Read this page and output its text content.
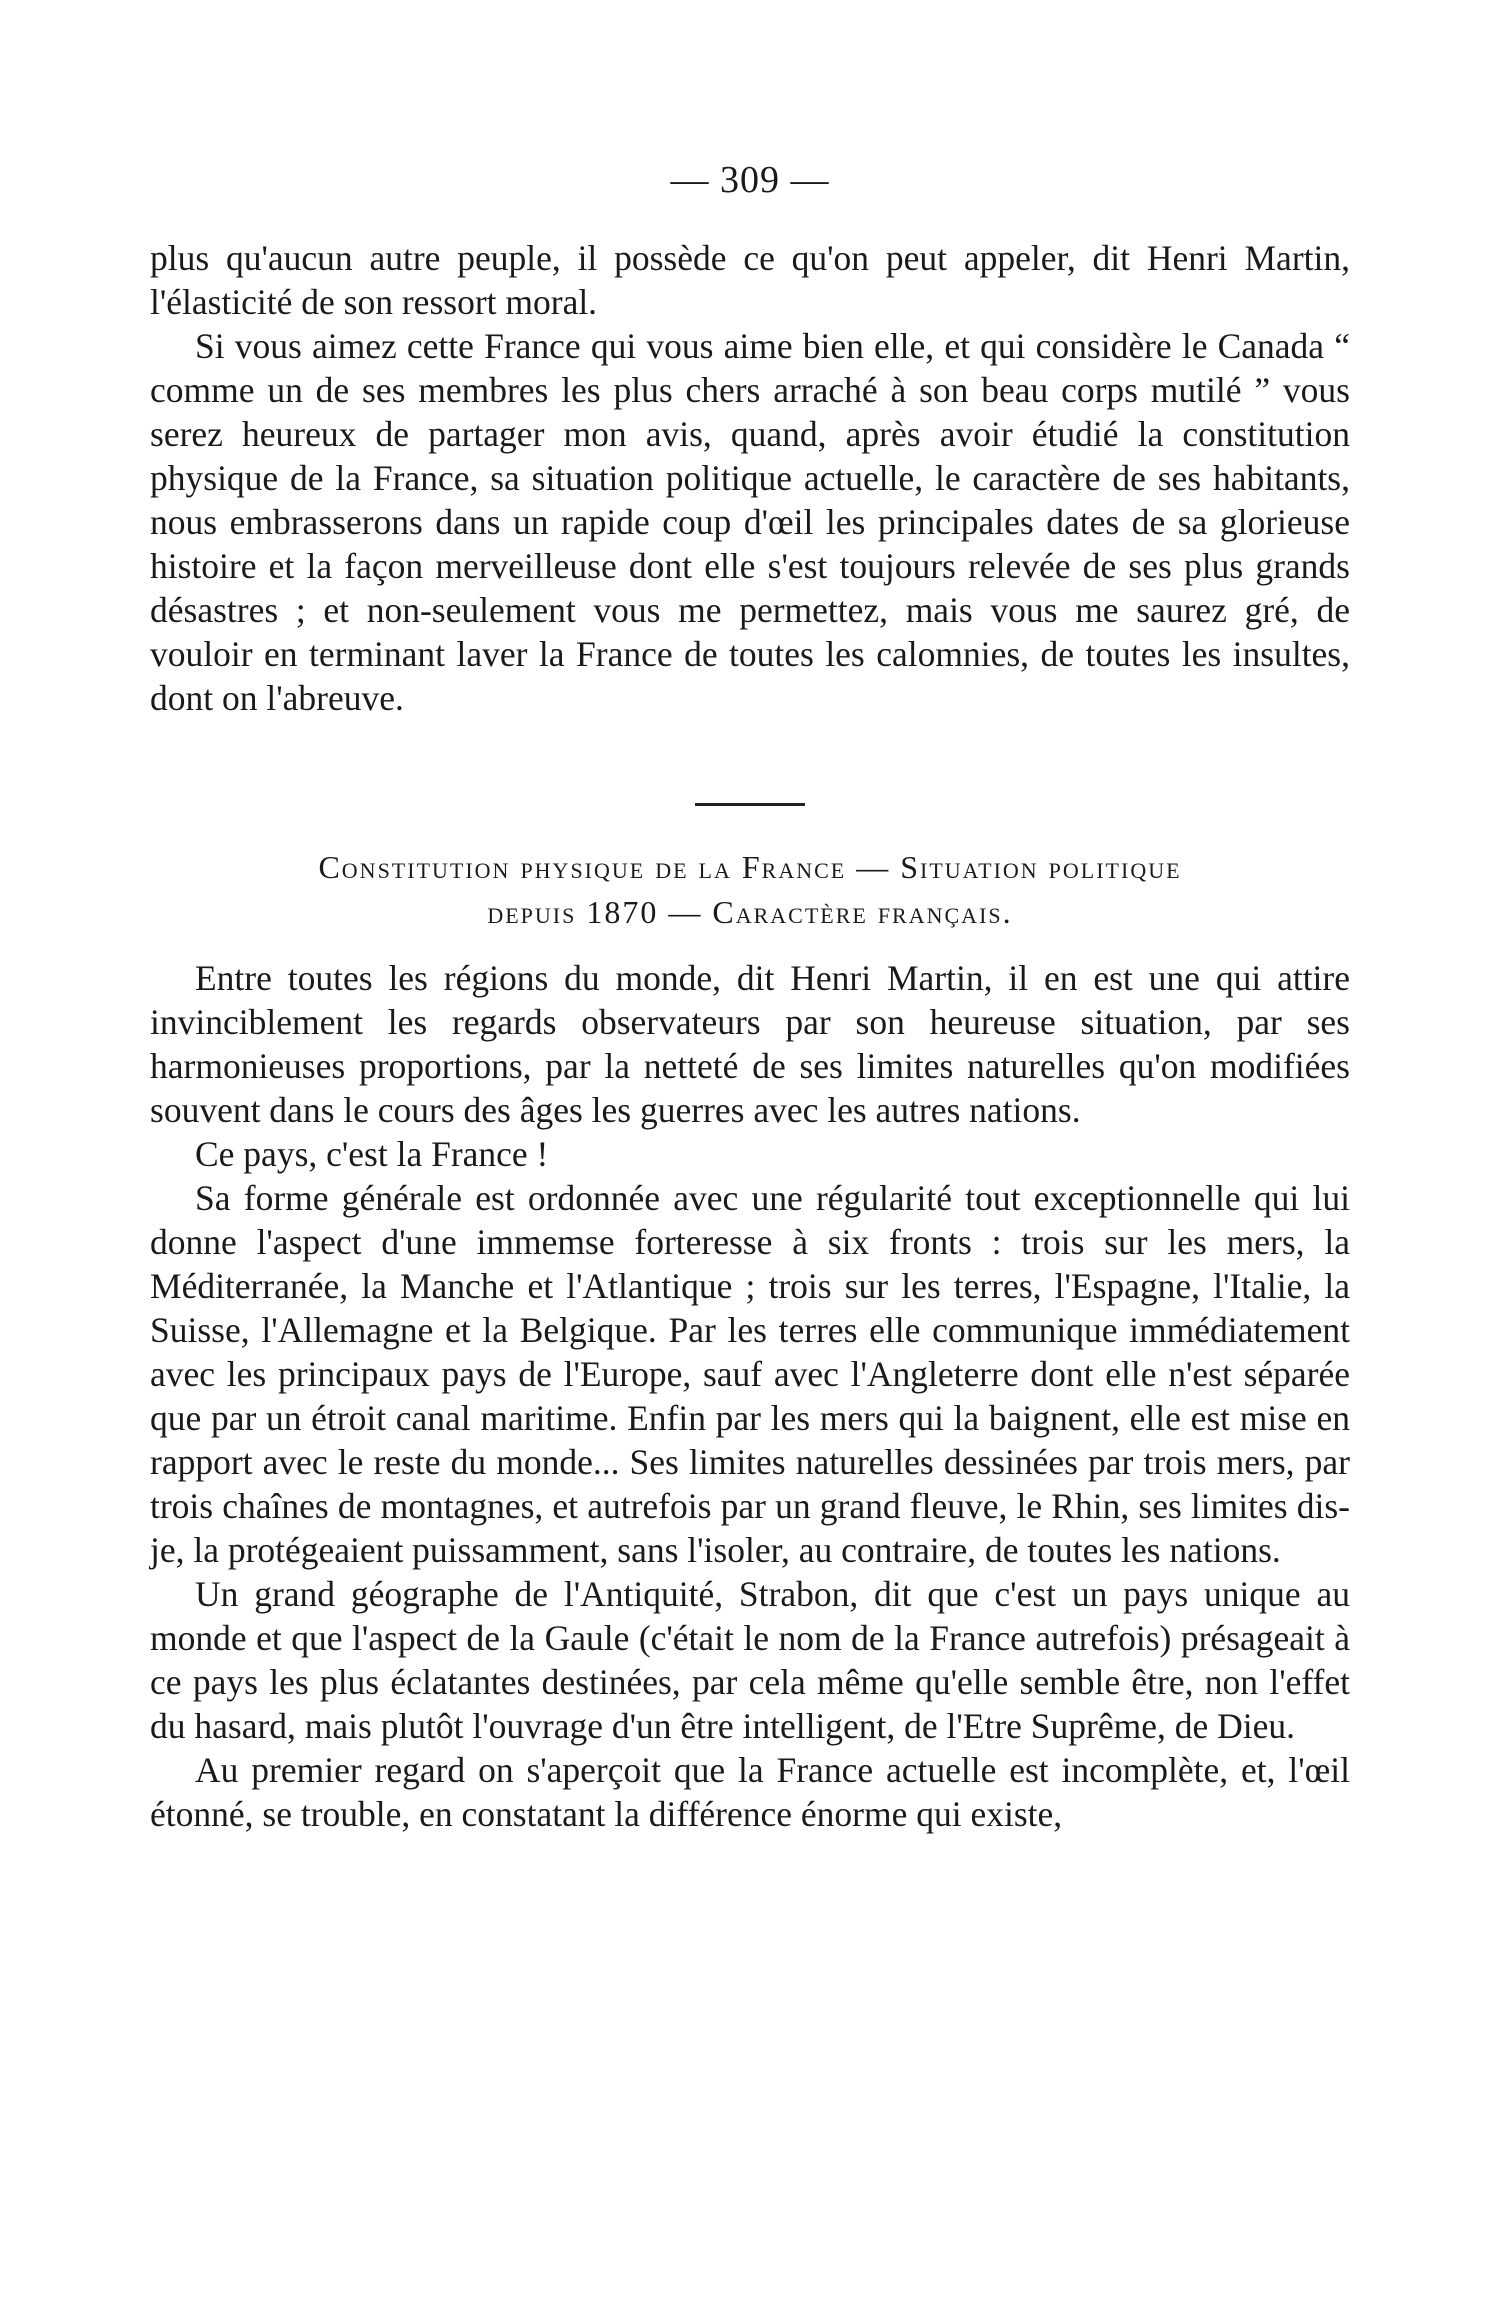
— 309 —

plus qu'aucun autre peuple, il possède ce qu'on peut appeler, dit Henri Martin, l'élasticité de son ressort moral.

Si vous aimez cette France qui vous aime bien elle, et qui considère le Canada “ comme un de ses membres les plus chers arraché à son beau corps mutilé ” vous serez heureux de partager mon avis, quand, après avoir étudié la constitution physique de la France, sa situation politique actuelle, le caractère de ses habitants, nous embrasserons dans un rapide coup d'œil les principales dates de sa glorieuse histoire et la façon merveilleuse dont elle s'est toujours relevée de ses plus grands désastres ; et non-seulement vous me permettez, mais vous me saurez gré, de vouloir en terminant laver la France de toutes les calomnies, de toutes les insultes, dont on l'abreuve.

Constitution physique de la France — Situation politique
depuis 1870 — Caractère français.

Entre toutes les régions du monde, dit Henri Martin, il en est une qui attire invinciblement les regards observateurs par son heureuse situation, par ses harmonieuses proportions, par la netteté de ses limites naturelles qu'on modifiées souvent dans le cours des âges les guerres avec les autres nations.

Ce pays, c'est la France !

Sa forme générale est ordonnée avec une régularité tout exceptionnelle qui lui donne l'aspect d'une immemse forteresse à six fronts : trois sur les mers, la Méditerranée, la Manche et l'Atlantique ; trois sur les terres, l'Espagne, l'Italie, la Suisse, l'Allemagne et la Belgique. Par les terres elle communique immédiatement avec les principaux pays de l'Europe, sauf avec l'Angleterre dont elle n'est séparée que par un étroit canal maritime. Enfin par les mers qui la baignent, elle est mise en rapport avec le reste du monde... Ses limites naturelles dessinées par trois mers, par trois chaînes de montagnes, et autrefois par un grand fleuve, le Rhin, ses limites dis-je, la protégeaient puissamment, sans l'isoler, au contraire, de toutes les nations.

Un grand géographe de l'Antiquité, Strabon, dit que c'est un pays unique au monde et que l'aspect de la Gaule (c'était le nom de la France autrefois) présageait à ce pays les plus éclatantes destinées, par cela même qu'elle semble être, non l'effet du hasard, mais plutôt l'ouvrage d'un être intelligent, de l'Etre Suprême, de Dieu.

Au premier regard on s'aperçoit que la France actuelle est incomplète, et, l'œil étonné, se trouble, en constatant la différence énorme qui existe,
